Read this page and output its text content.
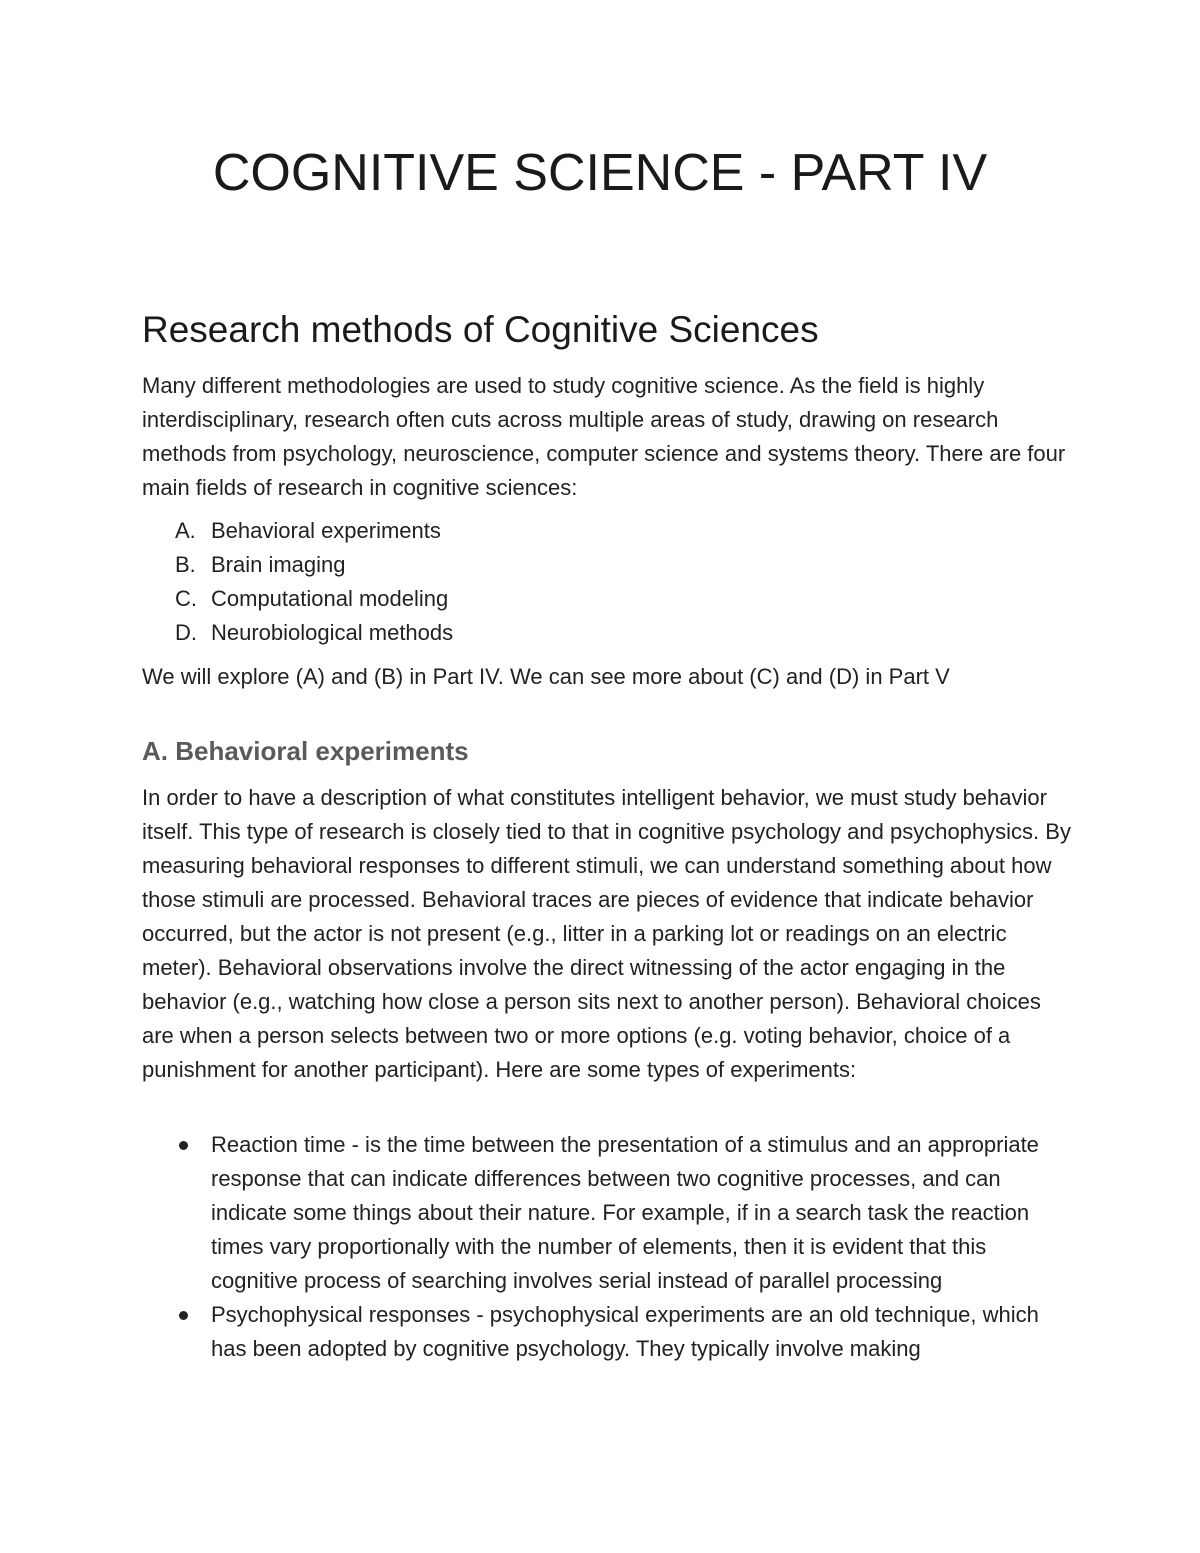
COGNITIVE SCIENCE - PART IV
Research methods of Cognitive Sciences

Many different methodologies are used to study cognitive science. As the field is highly interdisciplinary, research often cuts across multiple areas of study, drawing on research methods from psychology, neuroscience, computer science and systems theory. There are four main fields of research in cognitive sciences:

A. Behavioral experiments
B. Brain imaging
C. Computational modeling
D. Neurobiological methods

We will explore (A) and (B) in Part IV. We can see more about (C) and (D) in Part V

A. Behavioral experiments

In order to have a description of what constitutes intelligent behavior, we must study behavior itself. This type of research is closely tied to that in cognitive psychology and psychophysics. By measuring behavioral responses to different stimuli, we can understand something about how those stimuli are processed. Behavioral traces are pieces of evidence that indicate behavior occurred, but the actor is not present (e.g., litter in a parking lot or readings on an electric meter). Behavioral observations involve the direct witnessing of the actor engaging in the behavior (e.g., watching how close a person sits next to another person). Behavioral choices are when a person selects between two or more options (e.g. voting behavior, choice of a punishment for another participant). Here are some types of experiments:

Reaction time - is the time between the presentation of a stimulus and an appropriate response that can indicate differences between two cognitive processes, and can indicate some things about their nature. For example, if in a search task the reaction times vary proportionally with the number of elements, then it is evident that this cognitive process of searching involves serial instead of parallel processing
Psychophysical responses - psychophysical experiments are an old technique, which has been adopted by cognitive psychology. They typically involve making
